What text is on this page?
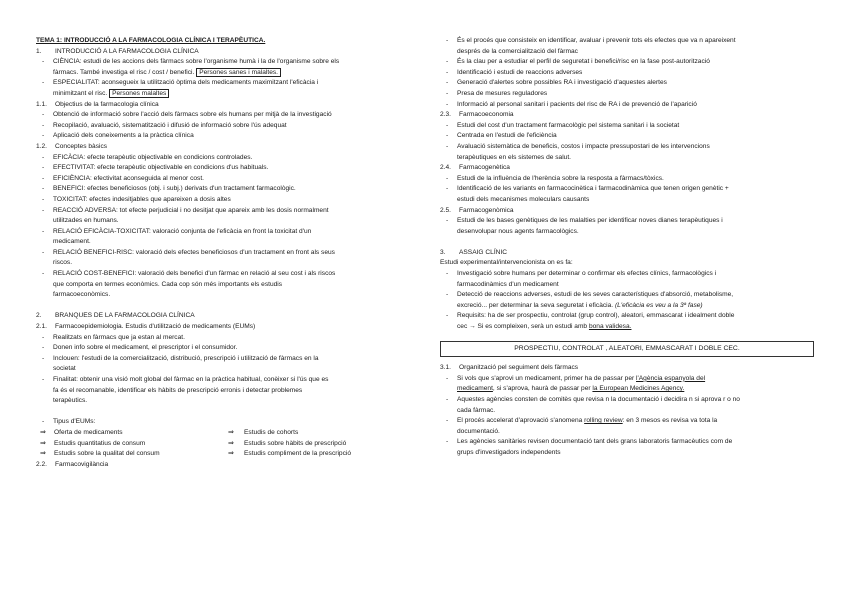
TEMA 1: INTRODUCCIÓ A LA FARMACOLOGIA CLÍNICA I TERAPÈUTICA.
1. INTRODUCCIÓ A LA FARMACOLOGIA CLÍNICA
- CIÈNCIA: estudi de les accions dels fàrmacs sobre l'organisme humà i la de l'organisme sobre els
fàrmacs. També investiga el risc / cost / benefici. Persones sanes i malaltes.
- ESPECIALITAT: aconsegueix la utilització òptima dels medicaments maximitzant l'eficàcia i
minimitzant el risc. Persones malaltes
1.1. Objectius de la farmacologia clínica
- Obtenció de informació sobre l'acció dels fàrmacs sobre els humans per mitjà de la investigació
- Recopilació, avaluació, sistematització i difusió de informació sobre l'ús adequat
- Aplicació dels coneixements a la pràctica clínica
1.2. Conceptes bàsics
- EFICÀCIA: efecte terapèutic objectivable en condicions controlades.
- EFECTIVITAT: efecte terapèutic objectivable en condicions d'us habituals.
- EFICIÈNCIA: efectivitat aconseguida al menor cost.
- BENEFICI: efectes beneficiosos (obj. i subj.) derivats d'un tractament farmacològic.
- TOXICITAT: efectes indesitjables que apareixen a dosis altes
- REACCIÓ ADVERSA: tot efecte perjudicial i no desitjat que apareix amb les dosis normalment
utilitzades en humans.
- RELACIÓ EFICÀCIA-TOXICITAT: valoració conjunta de l'eficàcia en front la toxicitat d'un
medicament.
- RELACIÓ BENEFICI-RISC: valoració dels efectes beneficiosos d'un tractament en front als seus
riscos.
- RELACIÓ COST-BENEFICI: valoració dels benefici d'un fàrmac en relació al seu cost i als riscos
que comporta en termes econòmics. Cada cop són més importants els estudis
farmacoeconòmics.
2. BRANQUES DE LA FARMACOLOGIA CLÍNICA
2.1. Farmacoepidemiologia. Estudis d'utilització de medicaments (EUMs)
- Realitzats en fàrmacs que ja estan al mercat.
- Donen info sobre el medicament, el prescriptor i el consumidor.
- Inclouen: l'estudi de la comercialització, distribució, prescripció i utilització de fàrmacs en la
societat
- Finalitat: obtenir una visió molt global del fàrmac en la pràctica habitual, conèixer si l'ús que es
fa és el recomanable, identificar els hàbits de prescripció erronis i detectar problemes
terapèutics.
- Tipus d'EUMs:
⇒ Oferta de medicaments	⇒ Estudis de cohorts
⇒ Estudis quantitatius de consum	⇒ Estudis sobre hàbits de prescripció
⇒ Estudis sobre la qualitat del consum	⇒ Estudis compliment de la prescripció
2.2. Farmacovigilància
- És el procés que consisteix en identificar, avaluar i prevenir tots els efectes que va n apareixent
després de la comercialització del fàrmac
- És la clau per a estudiar el perfil de seguretat i benefici/risc en la fase post-autorització
- Identificació i estudi de reaccions adverses
- Generació d'alertes sobre possibles RA i investigació d'aquestes alertes
- Presa de mesures reguladores
- Informació al personal sanitari i pacients del risc de RA i de prevenció de l'aparició
2.3. Farmacoeconomia
- Estudi del cost d'un tractament farmacològic pel sistema sanitari i la societat
- Centrada en l'estudi de l'eficiència
- Avaluació sistemàtica de beneficis, costos i impacte pressupostari de les intervencions
terapèutiques en els sistemes de salut.
2.4. Farmacogenètica
- Estudi de la influència de l'herència sobre la resposta a fàrmacs/tòxics.
- Identificació de les variants en farmacocinètica i farmacodinàmica que tenen origen genètic +
estudi dels mecanismes moleculars causants
2.5. Farmacogenòmica
- Estudi de les bases genètiques de les malalties per identificar noves dianes terapèutiques i
desenvolupar nous agents farmacològics.
3. ASSAIG CLÍNIC
Estudi experimental/intervencionista on es fa:
- Investigació sobre humans per determinar o confirmar els efectes clínics, farmacològics i
farmacodinàmics d'un medicament
- Detecció de reaccions adverses, estudi de les seves característiques d'absorció, metabolisme,
excreció... per determinar la seva seguretat i eficàcia. (L'eficàcia es veu a la 3ª fase)
- Requisits: ha de ser prospectiu, controlat (grup control), aleatori, emmascarat i idealment doble
cec → Si es compleixen, serà un estudi amb bona validesa.
PROSPECTIU, CONTROLAT , ALEATORI, EMMASCARAT I DOBLE CEC.
3.1. Organització pel seguiment dels fàrmacs
- Si vols que s'aprovi un medicament, primer ha de passar per l'Agència espanyola del
medicament, si s'aprova, haurà de passar per la European Medicines Agency.
- Aquestes agències consten de comitès que revisa n la documentació i decidira n si aprova r o no
cada fàrmac.
- El procés accelerat d'aprovació s'anomena rolling review: en 3 mesos es revisa va tota la
documentació.
- Les agències sanitàries revisen documentació tant dels grans laboratoris farmacèutics com de
grups d'investigadors independents
